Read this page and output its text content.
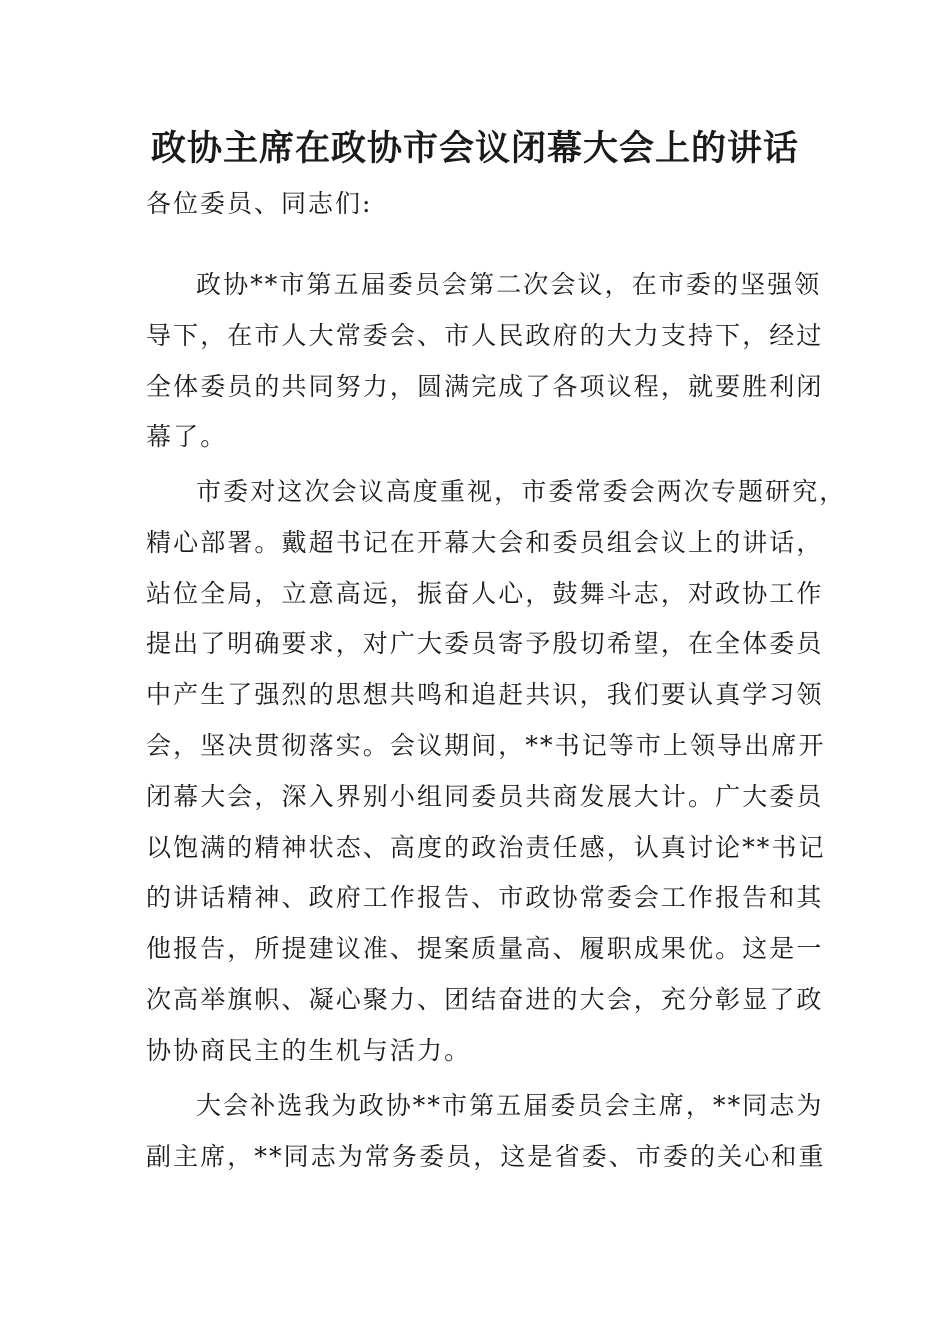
政协主席在政协市会议闭幕大会上的讲话
各位委员、同志们:
政协**市第五届委员会第二次会议，在市委的坚强领
导下，在市人大常委会、市人民政府的大力支持下，经过
全体委员的共同努力，圆满完成了各项议程，就要胜利闭
幕了。
市委对这次会议高度重视，市委常委会两次专题研究，
精心部署。戴超书记在开幕大会和委员组会议上的讲话，
站位全局，立意高远，振奋人心，鼓舞斗志，对政协工作
提出了明确要求，对广大委员寄予殷切希望，在全体委员
中产生了强烈的思想共鸣和追赶共识，我们要认真学习领
会，坚决贯彻落实。会议期间，**书记等市上领导出席开
闭幕大会，深入界别小组同委员共商发展大计。广大委员
以饱满的精神状态、高度的政治责任感，认真讨论**书记
的讲话精神、政府工作报告、市政协常委会工作报告和其
他报告，所提建议准、提案质量高、履职成果优。这是一
次高举旗帜、凝心聚力、团结奋进的大会，充分彰显了政
协协商民主的生机与活力。
大会补选我为政协**市第五届委员会主席，**同志为
副主席，**同志为常务委员，这是省委、市委的关心和重
